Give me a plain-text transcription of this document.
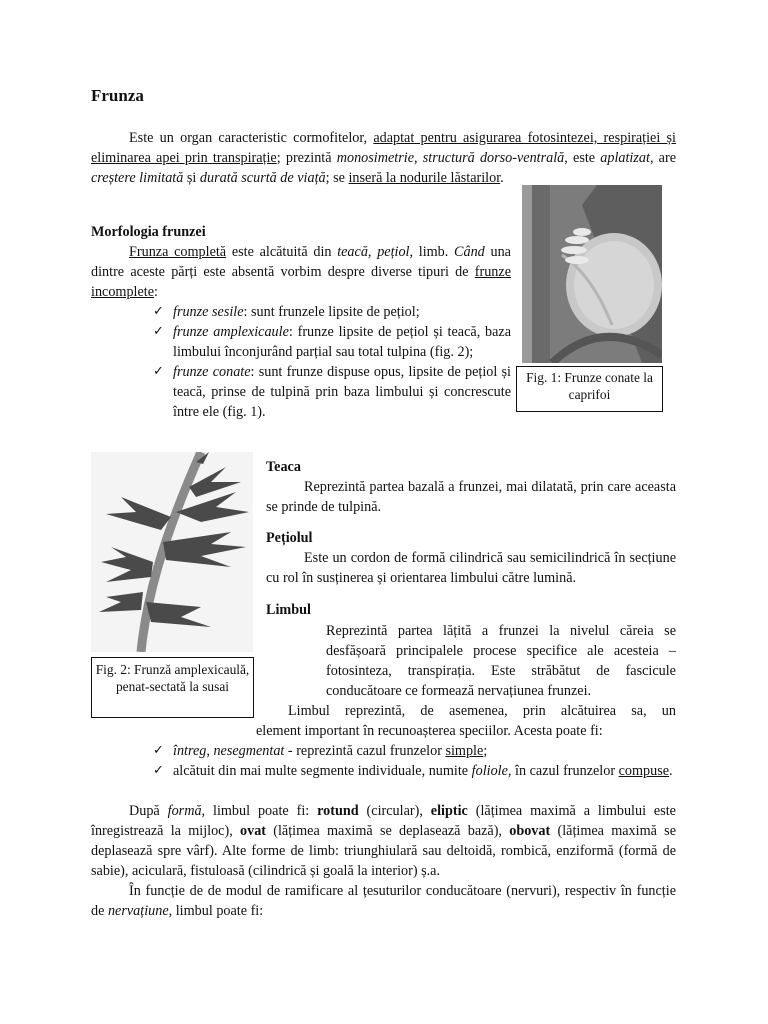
Frunza
Este un organ caracteristic cormofitelor, adaptat pentru asigurarea fotosintezei, respirației și eliminarea apei prin transpirație; prezintă monosimetrie, structură dorso-ventrală, este aplatizat, are creștere limitată și durată scurtă de viață; se inseră la nodurile lăstarilor.
Fig. 1: Frunze conate la caprifoi
Morfologia frunzei
Frunza completă este alcătuită din teacă, pețiol, limb. Când una dintre aceste părți este absentă vorbim despre diverse tipuri de frunze incomplete:
✓ frunze sesile: sunt frunzele lipsite de pețiol;
✓ frunze amplexicaule: frunze lipsite de pețiol și teacă, baza limbului înconjurând parțial sau total tulpina (fig. 2);
✓ frunze conate: sunt frunze dispuse opus, lipsite de pețiol și teacă, prinse de tulpină prin baza limbului și concrescute între ele (fig. 1).
Fig. 2: Frunză amplexicaulă, penat-sectată la susai
Teaca
Reprezintă partea bazală a frunzei, mai dilatată, prin care aceasta se prinde de tulpină.
Pețiolul
Este un cordon de formă cilindrică sau semicilindrică în secțiune cu rol în susținerea și orientarea limbului către lumină.
Limbul
Reprezintă partea lățită a frunzei la nivelul căreia se desfășoară principalele procese specifice ale acesteia – fotosinteza, transpirația. Este străbătut de fascicule conducătoare ce formează nervațiunea frunzei.
Limbul reprezintă, de asemenea, prin alcătuirea sa, un
element important în recunoașterea speciilor. Acesta poate fi:
✓ întreg, nesegmentat - reprezintă cazul frunzelor simple;
✓ alcătuit din mai multe segmente individuale, numite foliole, în cazul frunzelor compuse.
După formă, limbul poate fi: rotund (circular), eliptic (lățimea maximă a limbului este înregistrează la mijloc), ovat (lățimea maximă se deplasează bază), obovat (lățimea maximă se deplasează spre vârf). Alte forme de limb: triunghiulară sau deltoidă, rombică, enziformă (formă de sabie), aciculară, fistuloasă (cilindrică și goală la interior) ș.a.
În funcție de de modul de ramificare al țesuturilor conducătoare (nervuri), respectiv în funcție de nervațiune, limbul poate fi:
